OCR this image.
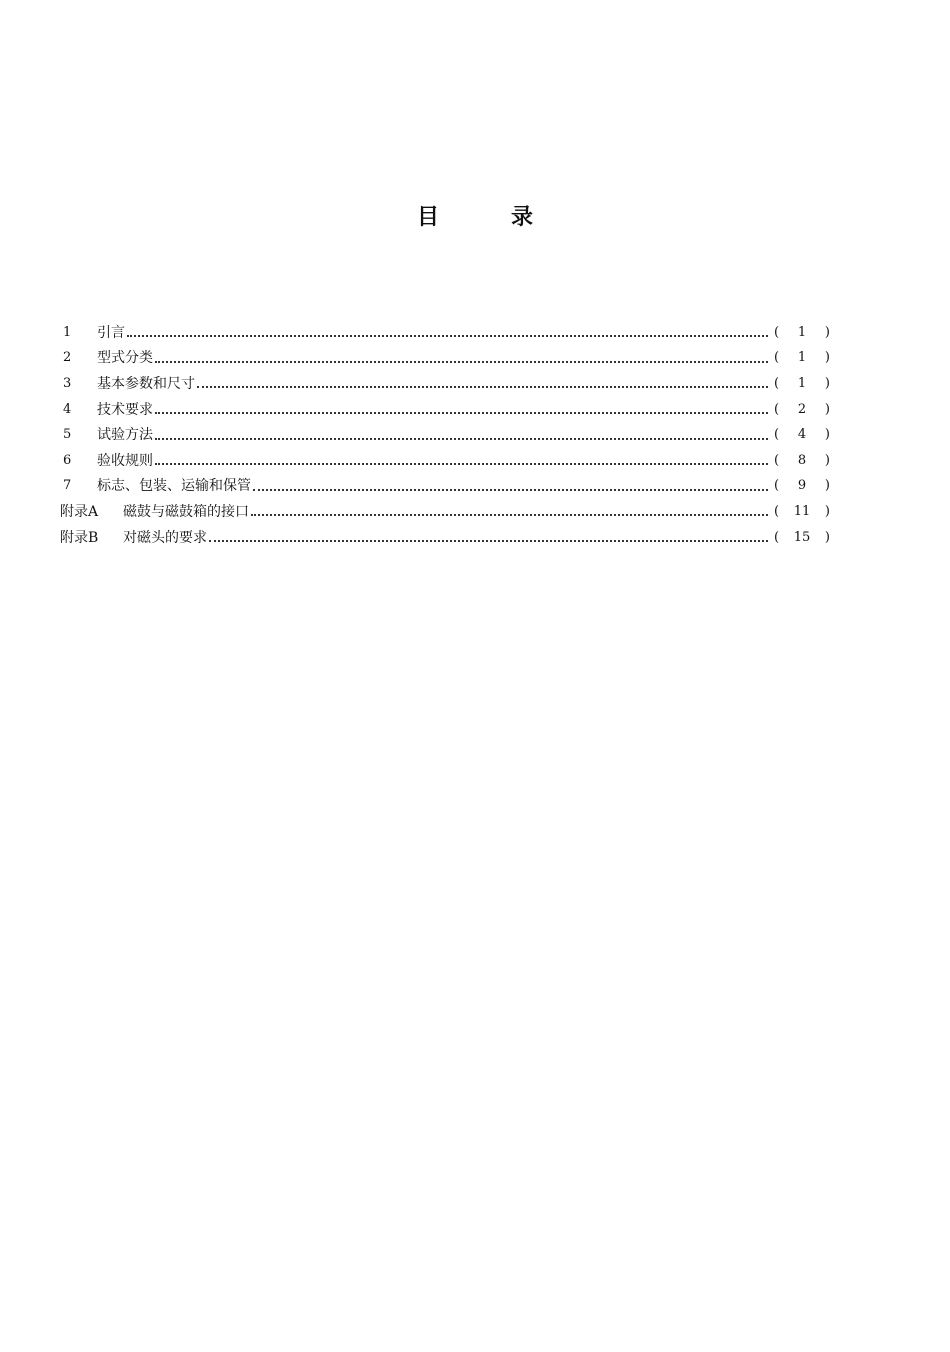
目	录
1	引言	(	1	)
2	型式分类	(	1	)
3	基本参数和尺寸	(	1	)
4	技术要求	(	2	)
5	试验方法	(	4	)
6	验收规则	(	8	)
7	标志、包装、运输和保管	(	9	)
附录A	磁鼓与磁鼓箱的接口	(	11	)
附录B	对磁头的要求	(	15	)
